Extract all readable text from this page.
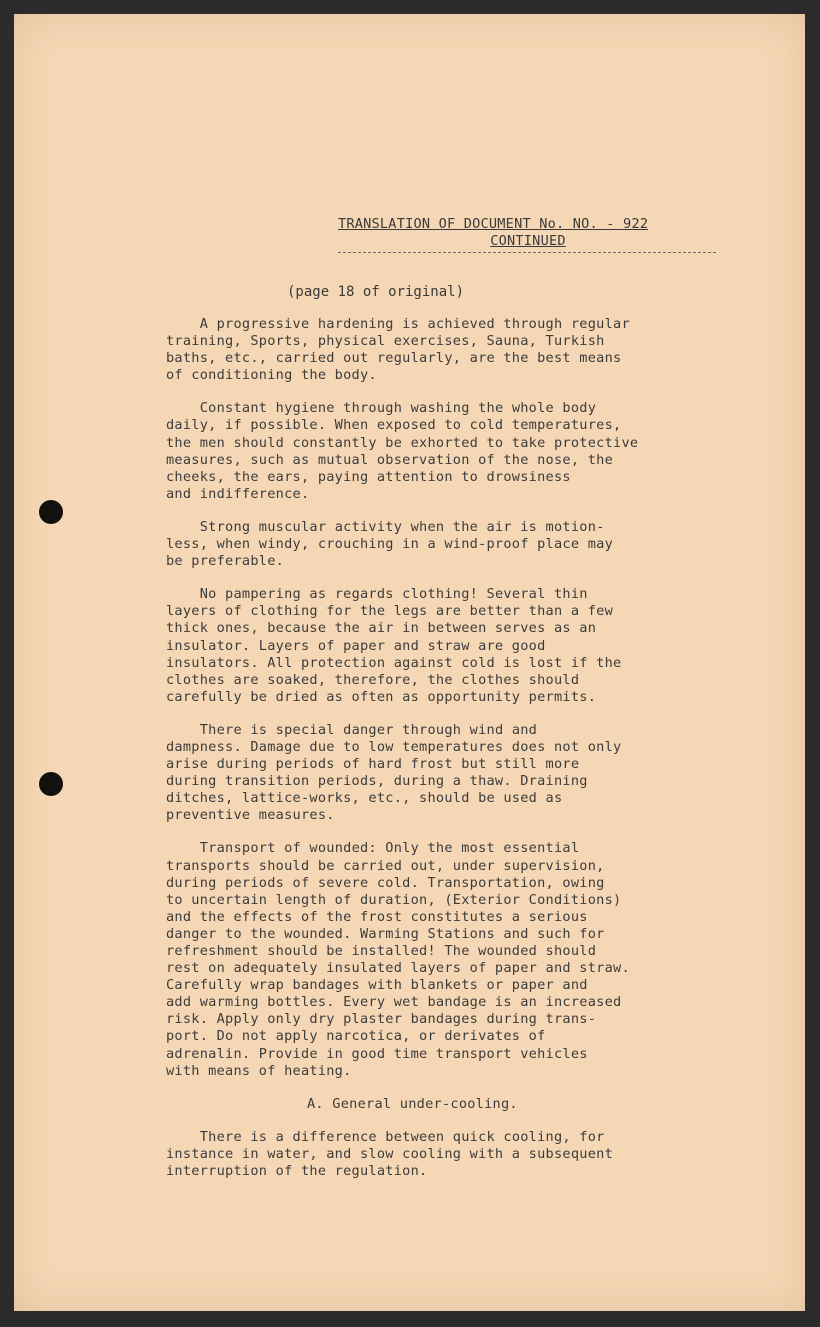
TRANSLATION OF DOCUMENT No. NO. - 922
CONTINUED
(page 18 of original)

A progressive hardening is achieved through regular
training, Sports, physical exercises, Sauna, Turkish
baths, etc., carried out regularly, are the best means
of conditioning the body.

Constant hygiene through washing the whole body
daily, if possible. When exposed to cold temperatures,
the men should constantly be exhorted to take protective
measures, such as mutual observation of the nose, the
cheeks, the ears, paying attention to drowsiness
and indifference.

Strong muscular activity when the air is motion-
less, when windy, crouching in a wind-proof place may
be preferable.

No pampering as regards clothing! Several thin
layers of clothing for the legs are better than a few
thick ones, because the air in between serves as an
insulator. Layers of paper and straw are good
insulators. All protection against cold is lost if the
clothes are soaked, therefore, the clothes should
carefully be dried as often as opportunity permits.

There is special danger through wind and
dampness. Damage due to low temperatures does not only
arise during periods of hard frost but still more
during transition periods, during a thaw. Draining
ditches, lattice-works, etc., should be used as
preventive measures.

Transport of wounded: Only the most essential
transports should be carried out, under supervision,
during periods of severe cold. Transportation, owing
to uncertain length of duration, (Exterior Conditions)
and the effects of the frost constitutes a serious
danger to the wounded. Warming Stations and such for
refreshment should be installed! The wounded should
rest on adequately insulated layers of paper and straw.
Carefully wrap bandages with blankets or paper and
add warming bottles. Every wet bandage is an increased
risk. Apply only dry plaster bandages during trans-
port. Do not apply narcotica, or derivates of
adrenalin. Provide in good time transport vehicles
with means of heating.

A. General under-cooling.

There is a difference between quick cooling, for
instance in water, and slow cooling with a subsequent
interruption of the regulation.
